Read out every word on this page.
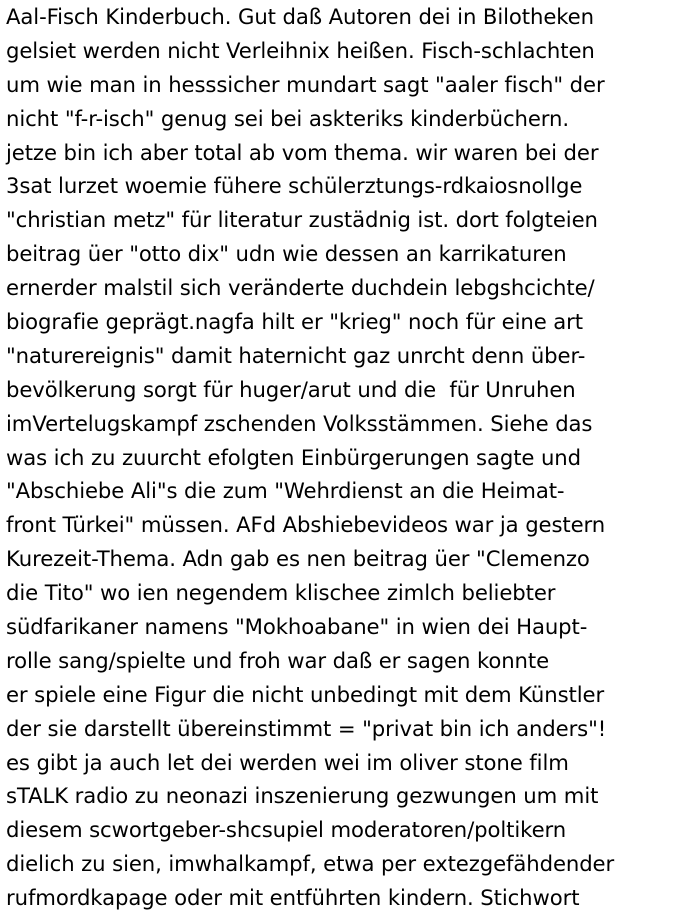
Aal-Fisch Kinderbuch. Gut daß Autoren dei in Bilotheken
gelsiet werden nicht Verleihnix heißen. Fisch-schlachten
um wie man in hesssicher mundart sagt "aaler fisch" der
nicht "f-r-isch" genug sei bei askteriks kinderbüchern.
jetze bin ich aber total ab vom thema. wir waren bei der
3sat lurzet woemie fühere schülerztungs-rdkaiosnollge
"christian metz" für literatur zustädnig ist. dort folgteien
beitrag üer "otto dix" udn wie dessen an karrikaturen
ernerder malstil sich veränderte duchdein lebgshcichte/
biografie geprägt.nagfa hilt er "krieg" noch für eine art
"naturereignis" damit haternicht gaz unrcht denn über-
bevölkerung sorgt für huger/arut und die  für Unruhen
imVertelugskampf zschenden Volksstämmen. Siehe das
was ich zu zuurcht efolgten Einbürgerungen sagte und
"Abschiebe Ali"s die zum "Wehrdienst an die Heimat-
front Türkei" müssen. AFd Abshiebevideos war ja gestern
Kurezeit-Thema. Adn gab es nen beitrag üer "Clemenzo
die Tito" wo ien negendem klischee zimlch beliebter
südfarikaner namens "Mokhoabane" in wien dei Haupt-
rolle sang/spielte und froh war daß er sagen konnte
er spiele eine Figur die nicht unbedingt mit dem Künstler
der sie darstellt übereinstimmt = "privat bin ich anders"!
es gibt ja auch let dei werden wei im oliver stone film
sTALK radio zu neonazi inszenierung gezwungen um mit
diesem scwortgeber-shcsupiel moderatoren/poltikern
dielich zu sien, imwhalkampf, etwa per extezgefähdender
rufmordkapage oder mit entführten kindern. Stichwort
